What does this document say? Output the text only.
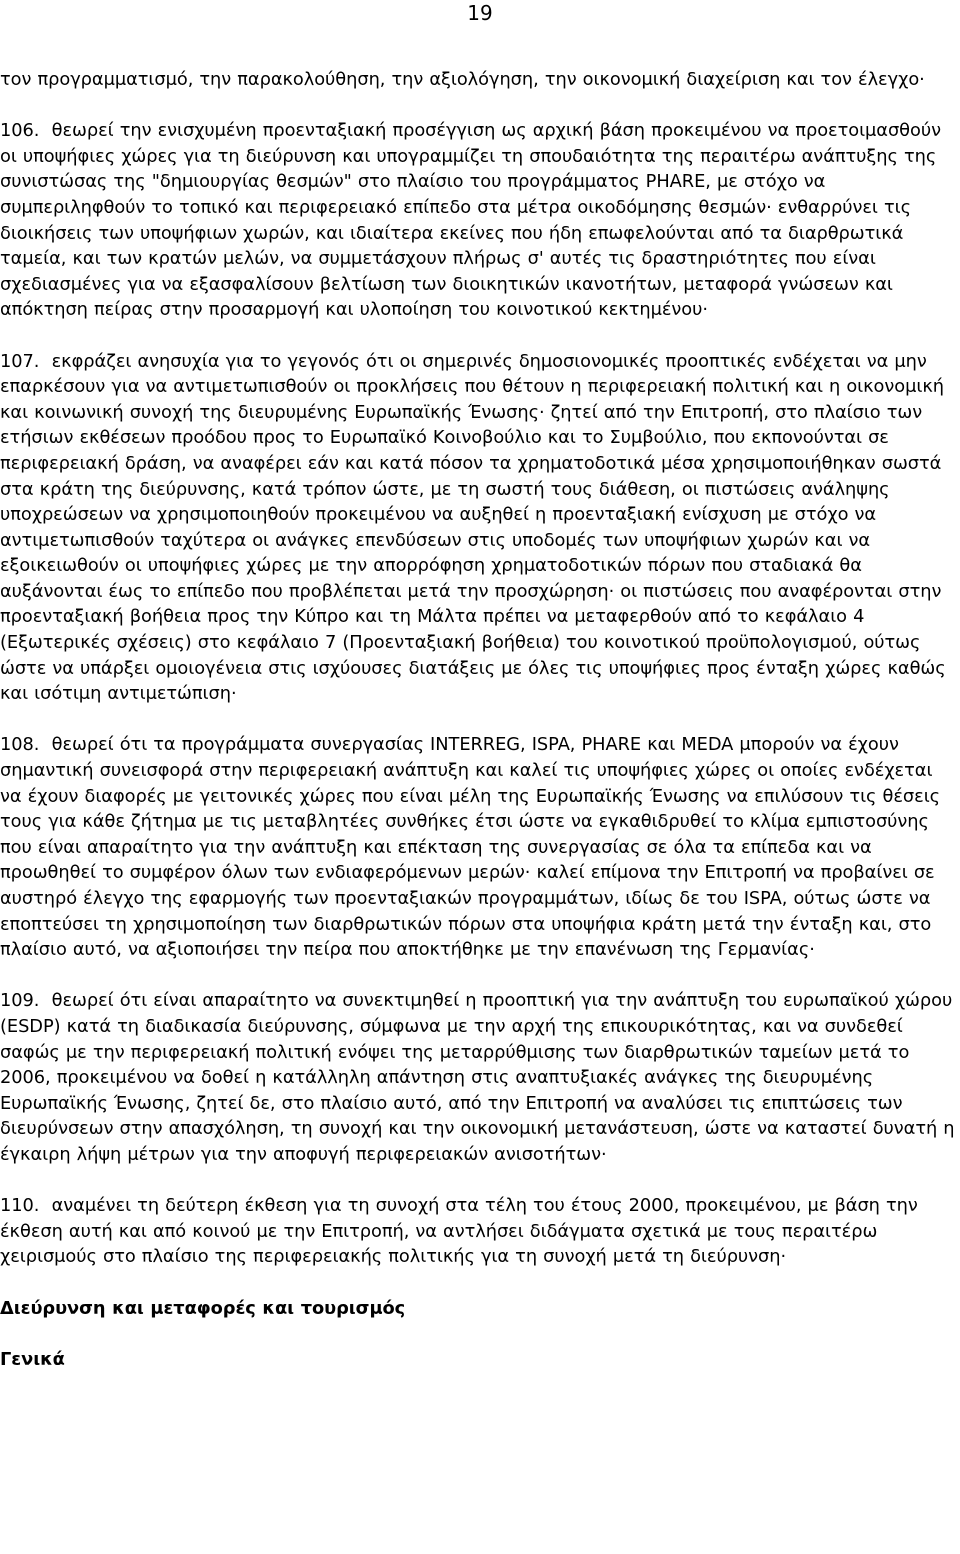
19

τον προγραμματισμό, την παρακολούθηση, την αξιολόγηση, την οικονομική διαχείριση και τον έλεγχο·

106. θεωρεί την ενισχυμένη προενταξιακή προσέγγιση ως αρχική βάση προκειμένου να προετοιμασθούν οι υποψήφιες χώρες για τη διεύρυνση και υπογραμμίζει τη σπουδαιότητα της περαιτέρω ανάπτυξης της συνιστώσας της "δημιουργίας θεσμών" στο πλαίσιο του προγράμματος PHARE, με στόχο να συμπεριληφθούν το τοπικό και περιφερειακό επίπεδο στα μέτρα οικοδόμησης θεσμών· ενθαρρύνει τις διοικήσεις των υποψήφιων χωρών, και ιδιαίτερα εκείνες που ήδη επωφελούνται από τα διαρθρωτικά ταμεία, και των κρατών μελών, να συμμετάσχουν πλήρως σ' αυτές τις δραστηριότητες που είναι σχεδιασμένες για να εξασφαλίσουν βελτίωση των διοικητικών ικανοτήτων, μεταφορά γνώσεων και απόκτηση πείρας στην προσαρμογή και υλοποίηση του κοινοτικού κεκτημένου·

107. εκφράζει ανησυχία για το γεγονός ότι οι σημερινές δημοσιονομικές προοπτικές ενδέχεται να μην επαρκέσουν για να αντιμετωπισθούν οι προκλήσεις που θέτουν η περιφερειακή πολιτική και η οικονομική και κοινωνική συνοχή της διευρυμένης Ευρωπαϊκής Ένωσης· ζητεί από την Επιτροπή, στο πλαίσιο των ετήσιων εκθέσεων προόδου προς το Ευρωπαϊκό Κοινοβούλιο και το Συμβούλιο, που εκπονούνται σε περιφερειακή δράση, να αναφέρει εάν και κατά πόσον τα χρηματοδοτικά μέσα χρησιμοποιήθηκαν σωστά στα κράτη της διεύρυνσης, κατά τρόπον ώστε, με τη σωστή τους διάθεση, οι πιστώσεις ανάληψης υποχρεώσεων να χρησιμοποιηθούν προκειμένου να αυξηθεί η προενταξιακή ενίσχυση με στόχο να αντιμετωπισθούν ταχύτερα οι ανάγκες επενδύσεων στις υποδομές των υποψήφιων χωρών και να εξοικειωθούν οι υποψήφιες χώρες με την απορρόφηση χρηματοδοτικών πόρων που σταδιακά θα αυξάνονται έως το επίπεδο που προβλέπεται μετά την προσχώρηση· οι πιστώσεις που αναφέρονται στην προενταξιακή βοήθεια προς την Κύπρο και τη Μάλτα πρέπει να μεταφερθούν από το κεφάλαιο 4 (Εξωτερικές σχέσεις) στο κεφάλαιο 7 (Προενταξιακή βοήθεια) του κοινοτικού προϋπολογισμού, ούτως ώστε να υπάρξει ομοιογένεια στις ισχύουσες διατάξεις με όλες τις υποψήφιες προς ένταξη χώρες καθώς και ισότιμη αντιμετώπιση·

108. θεωρεί ότι τα προγράμματα συνεργασίας INTERREG, ISPA, PHARE και MEDA μπορούν να έχουν σημαντική συνεισφορά στην περιφερειακή ανάπτυξη και καλεί τις υποψήφιες χώρες οι οποίες ενδέχεται να έχουν διαφορές με γειτονικές χώρες που είναι μέλη της Ευρωπαϊκής Ένωσης να επιλύσουν τις θέσεις τους για κάθε ζήτημα με τις μεταβλητέες συνθήκες έτσι ώστε να εγκαθιδρυθεί το κλίμα εμπιστοσύνης που είναι απαραίτητο για την ανάπτυξη και επέκταση της συνεργασίας σε όλα τα επίπεδα και να προωθηθεί το συμφέρον όλων των ενδιαφερόμενων μερών· καλεί επίμονα την Επιτροπή να προβαίνει σε αυστηρό έλεγχο της εφαρμογής των προενταξιακών προγραμμάτων, ιδίως δε του ISPA, ούτως ώστε να εποπτεύσει τη χρησιμοποίηση των διαρθρωτικών πόρων στα υποψήφια κράτη μετά την ένταξη και, στο πλαίσιο αυτό, να αξιοποιήσει την πείρα που αποκτήθηκε με την επανένωση της Γερμανίας·

109. θεωρεί ότι είναι απαραίτητο να συνεκτιμηθεί η προοπτική για την ανάπτυξη του ευρωπαϊκού χώρου (ESDP) κατά τη διαδικασία διεύρυνσης, σύμφωνα με την αρχή της επικουρικότητας, και να συνδεθεί σαφώς με την περιφερειακή πολιτική ενόψει της μεταρρύθμισης των διαρθρωτικών ταμείων μετά το 2006, προκειμένου να δοθεί η κατάλληλη απάντηση στις αναπτυξιακές ανάγκες της διευρυμένης Ευρωπαϊκής Ένωσης, ζητεί δε, στο πλαίσιο αυτό, από την Επιτροπή να αναλύσει τις επιπτώσεις των διευρύνσεων στην απασχόληση, τη συνοχή και την οικονομική μετανάστευση, ώστε να καταστεί δυνατή η έγκαιρη λήψη μέτρων για την αποφυγή περιφερειακών ανισοτήτων·

110. αναμένει τη δεύτερη έκθεση για τη συνοχή στα τέλη του έτους 2000, προκειμένου, με βάση την έκθεση αυτή και από κοινού με την Επιτροπή, να αντλήσει διδάγματα σχετικά με τους περαιτέρω χειρισμούς στο πλαίσιο της περιφερειακής πολιτικής για τη συνοχή μετά τη διεύρυνση·

Διεύρυνση και μεταφορές και τουρισμός

Γενικά
